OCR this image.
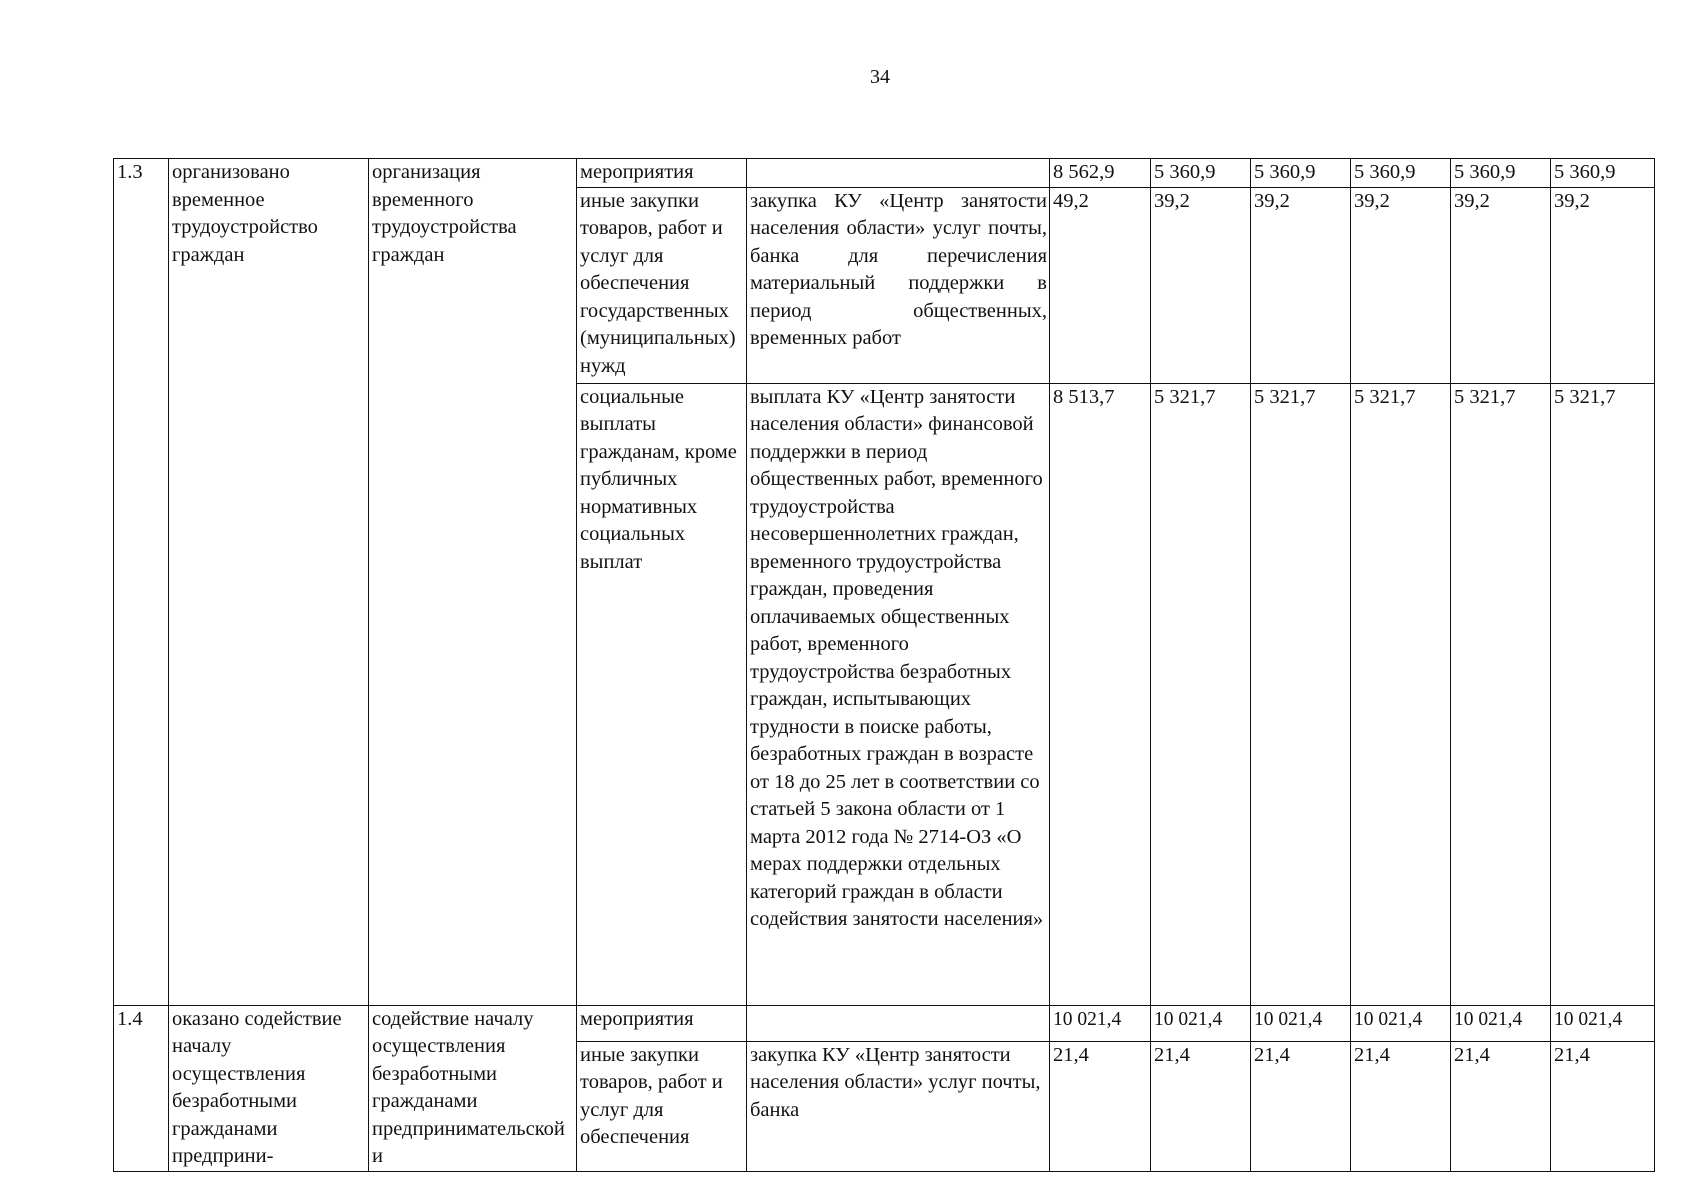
34
1.3	организовано временное трудоустройство граждан	организация временного трудоустройства граждан	мероприятия		8 562,9	5 360,9	5 360,9	5 360,9	5 360,9	5 360,9
			иные закупки товаров, работ и услуг для обеспечения государственных (муниципальных) нужд	закупка КУ «Центр занятости населения области» услуг почты, банка для перечисления материальный поддержки в период общественных, временных работ	49,2	39,2	39,2	39,2	39,2	39,2
			социальные выплаты гражданам, кроме публичных нормативных социальных выплат	выплата КУ «Центр занятости населения области» финансовой поддержки в период общественных работ, временного трудоустройства несовершеннолетних граждан, временного трудоустройства граждан, проведения оплачиваемых общественных работ, временного трудоустройства безработных граждан, испытывающих трудности в поиске работы, безработных граждан в возрасте от 18 до 25 лет в соответствии со статьей 5 закона области от 1 марта 2012 года № 2714-ОЗ «О мерах поддержки отдельных категорий граждан в области содействия занятости населения»	8 513,7	5 321,7	5 321,7	5 321,7	5 321,7	5 321,7
1.4	оказано содействие началу осуществления безработными гражданами предприни-	содействие началу осуществления безработными гражданами предпринимательской и	мероприятия		10 021,4	10 021,4	10 021,4	10 021,4	10 021,4	10 021,4
			иные закупки товаров, работ и услуг для обеспечения	закупка КУ «Центр занятости населения области» услуг почты, банка	21,4	21,4	21,4	21,4	21,4	21,4
